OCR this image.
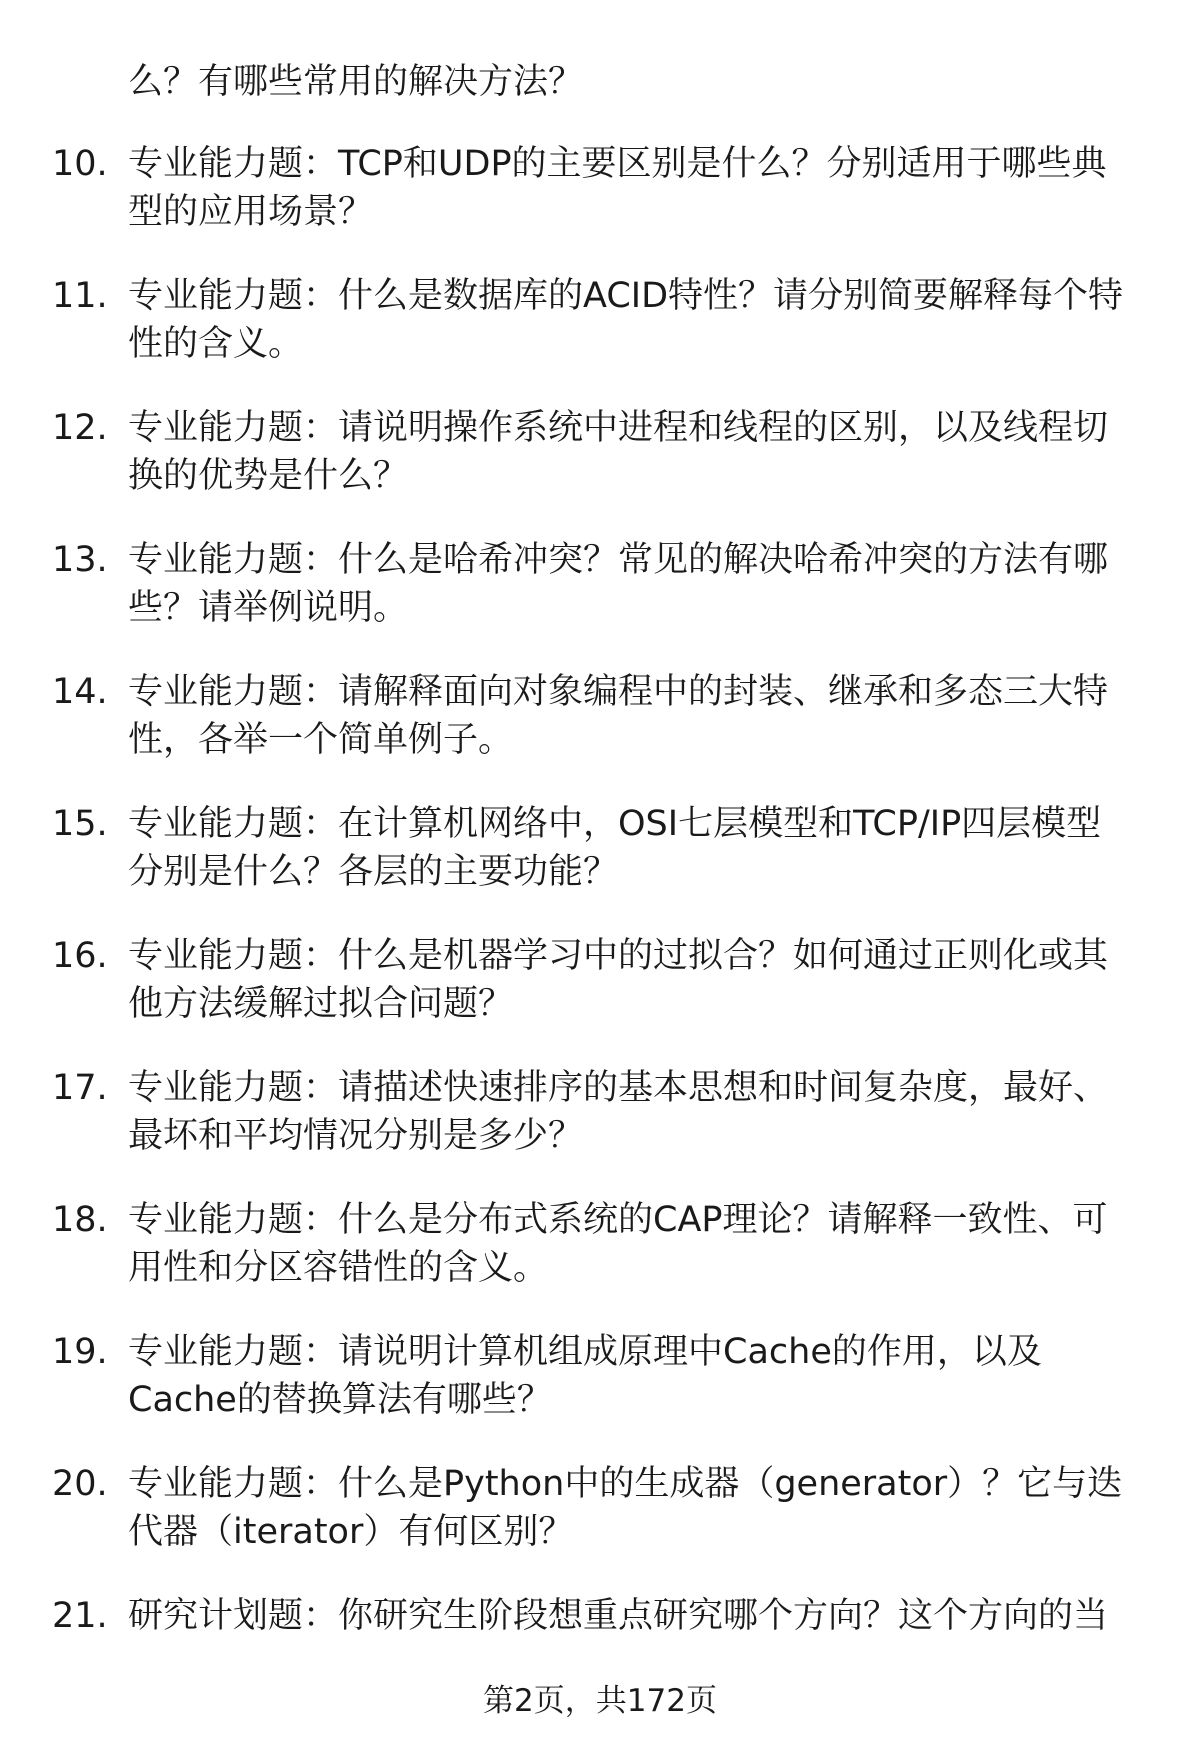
么？有哪些常用的解决方法？
10. 专业能力题：TCP和UDP的主要区别是什么？分别适用于哪些典
型的应用场景？
11. 专业能力题：什么是数据库的ACID特性？请分别简要解释每个特
性的含义。
12. 专业能力题：请说明操作系统中进程和线程的区别，以及线程切
换的优势是什么？
13. 专业能力题：什么是哈希冲突？常见的解决哈希冲突的方法有哪
些？请举例说明。
14. 专业能力题：请解释面向对象编程中的封装、继承和多态三大特
性，各举一个简单例子。
15. 专业能力题：在计算机网络中，OSI七层模型和TCP/IP四层模型
分别是什么？各层的主要功能？
16. 专业能力题：什么是机器学习中的过拟合？如何通过正则化或其
他方法缓解过拟合问题？
17. 专业能力题：请描述快速排序的基本思想和时间复杂度，最好、
最坏和平均情况分别是多少？
18. 专业能力题：什么是分布式系统的CAP理论？请解释一致性、可
用性和分区容错性的含义。
19. 专业能力题：请说明计算机组成原理中Cache的作用，以及
Cache的替换算法有哪些？
20. 专业能力题：什么是Python中的生成器（generator）？它与迭
代器（iterator）有何区别？
21. 研究计划题：你研究生阶段想重点研究哪个方向？这个方向的当
第2页，共172页
